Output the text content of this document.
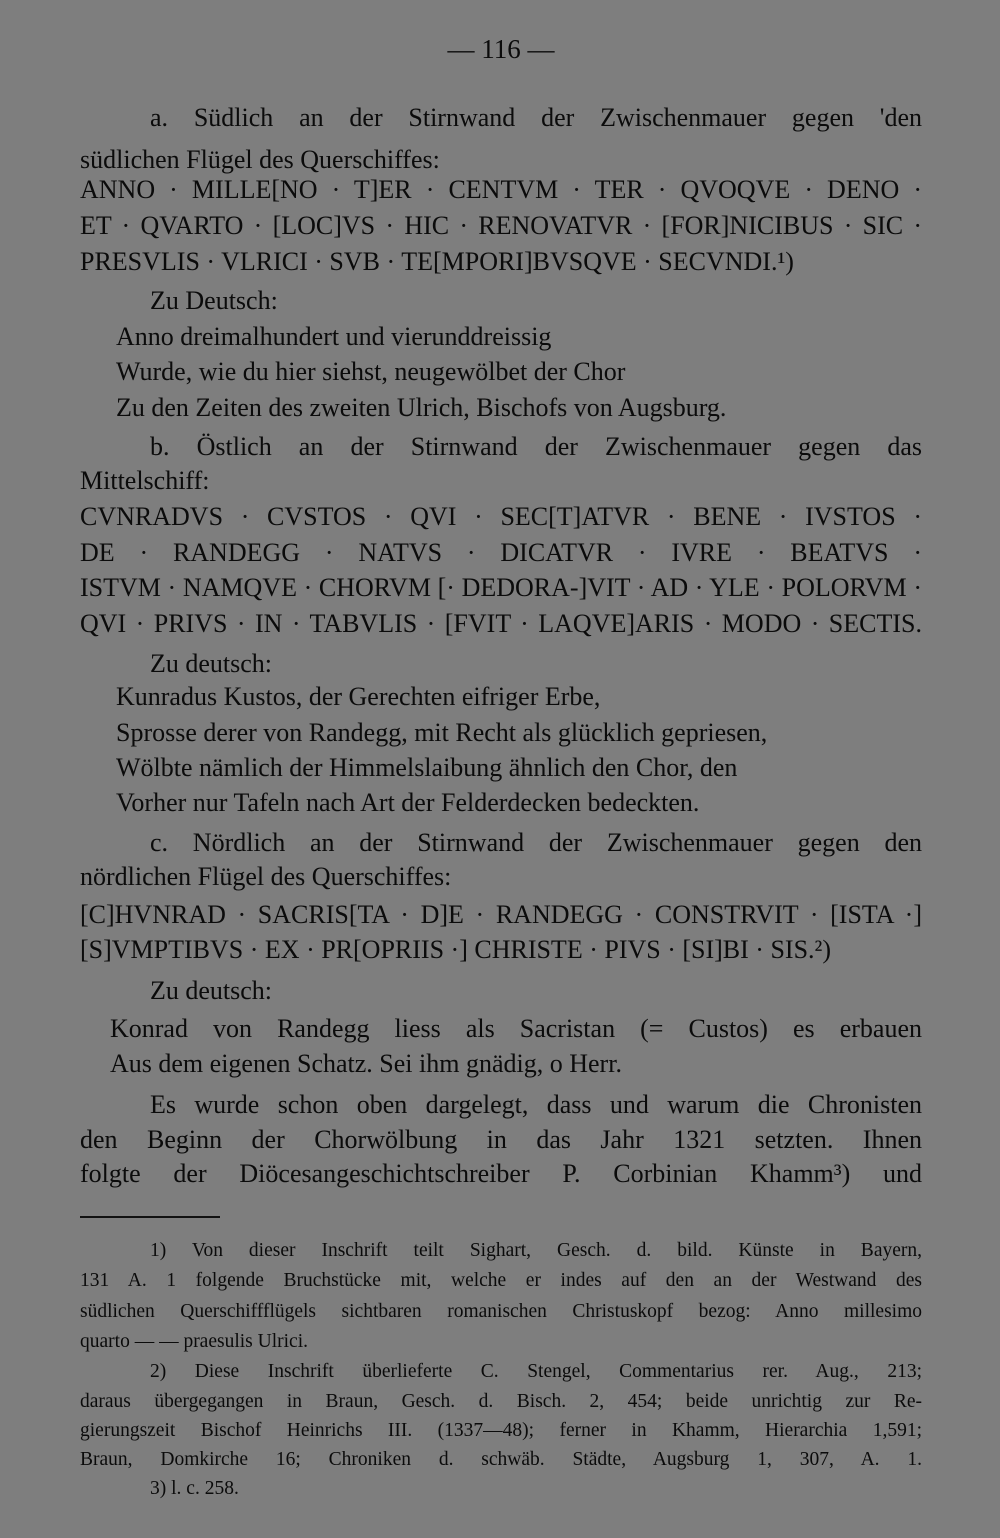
— 116 —
a. Südlich an der Stirnwand der Zwischenmauer gegen 'den
südlichen Flügel des Querschiffes:
ANNO · MILLE[NO · T]ER · CENTVM · TER · QVOQVE · DENO ·
ET · QVARTO · [LOC]VS · HIC · RENOVATVR · [FOR]NICIBUS · SIC ·
PRESVLIS · VLRICI · SVB · TE[MPORI]BVSQVE · SECVNDI.¹)
Zu Deutsch:
Anno dreimalhundert und vierunddreissig
Wurde, wie du hier siehst, neugewölbet der Chor
Zu den Zeiten des zweiten Ulrich, Bischofs von Augsburg.
b. Östlich an der Stirnwand der Zwischenmauer gegen das
Mittelschiff:
CVNRADVS · CVSTOS · QVI · SEC[T]ATVR · BENE · IVSTOS ·
DE · RANDEGG · NATVS · DICATVR · IVRE · BEATVS ·
ISTVM · NAMQVE · CHORVM [· DEDORA-]VIT · AD · YLE · POLORVM ·
QVI · PRIVS · IN · TABVLIS · [FVIT · LAQVE]ARIS · MODO · SECTIS.
Zu deutsch:
Kunradus Kustos, der Gerechten eifriger Erbe,
Sprosse derer von Randegg, mit Recht als glücklich gepriesen,
Wölbte nämlich der Himmelslaibung ähnlich den Chor, den
Vorher nur Tafeln nach Art der Felderdecken bedeckten.
c. Nördlich an der Stirnwand der Zwischenmauer gegen den
nördlichen Flügel des Querschiffes:
[C]HVNRAD · SACRIS[TA · D]E · RANDEGG · CONSTRVIT · [ISTA ·]
[S]VMPTIBVS · EX · PR[OPRIIS ·] CHRISTE · PIVS · [SI]BI · SIS.²)
Zu deutsch:
Konrad von Randegg liess als Sacristan (= Custos) es erbauen
Aus dem eigenen Schatz. Sei ihm gnädig, o Herr.
Es wurde schon oben dargelegt, dass und warum die Chronisten
den Beginn der Chorwölbung in das Jahr 1321 setzten. Ihnen
folgte der Diöcesangeschichtschreiber P. Corbinian Khamm³) und
1) Von dieser Inschrift teilt Sighart, Gesch. d. bild. Künste in Bayern,
131 A. 1 folgende Bruchstücke mit, welche er indes auf den an der Westwand des
südlichen Querschiffflügels sichtbaren romanischen Christuskopf bezog: Anno millesimo
quarto — — praesulis Ulrici.
2) Diese Inschrift überlieferte C. Stengel, Commentarius rer. Aug., 213;
daraus übergegangen in Braun, Gesch. d. Bisch. 2, 454; beide unrichtig zur Re-
gierungszeit Bischof Heinrichs III. (1337—48); ferner in Khamm, Hierarchia 1,591;
Braun, Domkirche 16; Chroniken d. schwäb. Städte, Augsburg 1, 307, A. 1.
3) l. c. 258.
